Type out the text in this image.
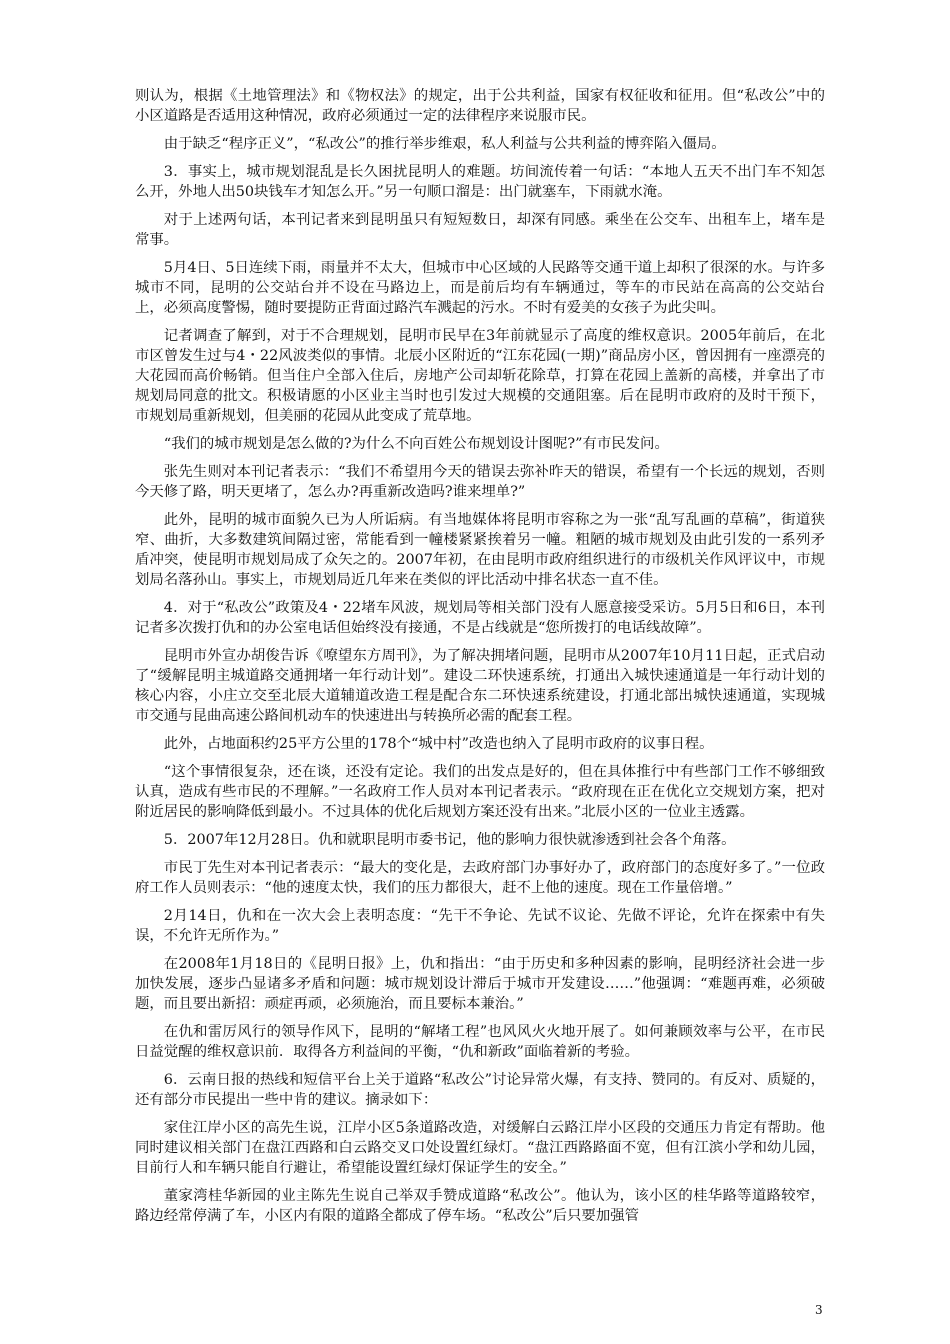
则认为，根据《土地管理法》和《物权法》的规定，出于公共利益，国家有权征收和征用。但“私改公”中的小区道路是否适用这种情况，政府必须通过一定的法律程序来说服市民。

由于缺乏“程序正义”，“私改公”的推行举步维艰，私人利益与公共利益的博弈陷入僵局。

3．事实上，城市规划混乱是长久困扰昆明人的难题。坊间流传着一句话：“本地人五天不出门车不知怎么开，外地人出50块钱车才知怎么开。”另一句顺口溜是：出门就塞车，下雨就水淹。

对于上述两句话，本刊记者来到昆明虽只有短短数日，却深有同感。乘坐在公交车、出租车上，堵车是常事。

5月4日、5日连续下雨，雨量并不太大，但城市中心区域的人民路等交通干道上却积了很深的水。与许多城市不同，昆明的公交站台并不设在马路边上，而是前后均有车辆通过，等车的市民站在高高的公交站台上，必须高度警惕，随时要提防正背面过路汽车溅起的污水。不时有爱美的女孩子为此尖叫。

记者调查了解到，对于不合理规划，昆明市民早在3年前就显示了高度的维权意识。2005年前后，在北市区曾发生过与4・22风波类似的事情。北辰小区附近的“江东花园(一期)”商品房小区，曾因拥有一座漂亮的大花园而高价畅销。但当住户全部入住后，房地产公司却斩花除草，打算在花园上盖新的高楼，并拿出了市规划局同意的批文。积极请愿的小区业主当时也引发过大规模的交通阻塞。后在昆明市政府的及时干预下，市规划局重新规划，但美丽的花园从此变成了荒草地。

“我们的城市规划是怎么做的?为什么不向百姓公布规划设计图呢?”有市民发问。

张先生则对本刊记者表示：“我们不希望用今天的错误去弥补昨天的错误，希望有一个长远的规划，否则今天修了路，明天更堵了，怎么办?再重新改造吗?谁来埋单?”

此外，昆明的城市面貌久已为人所诟病。有当地媒体将昆明市容称之为一张“乱写乱画的草稿”，街道狭窄、曲折，大多数建筑间隔过密，常能看到一幢楼紧紧挨着另一幢。粗陋的城市规划及由此引发的一系列矛盾冲突，使昆明市规划局成了众矢之的。2007年初，在由昆明市政府组织进行的市级机关作风评议中，市规划局名落孙山。事实上，市规划局近几年来在类似的评比活动中排名状态一直不佳。

4．对于“私改公”政策及4・22堵车风波，规划局等相关部门没有人愿意接受采访。5月5日和6日，本刊记者多次拨打仇和的办公室电话但始终没有接通，不是占线就是“您所拨打的电话线故障”。

昆明市外宣办胡俊告诉《嘹望东方周刊》，为了解决拥堵问题，昆明市从2007年10月11日起，正式启动了“缓解昆明主城道路交通拥堵一年行动计划”。建设二环快速系统，打通出入城快速通道是一年行动计划的核心内容，小庄立交至北辰大道辅道改造工程是配合东二环快速系统建设，打通北部出城快速通道，实现城市交通与昆曲高速公路间机动车的快速进出与转换所必需的配套工程。

此外，占地面积约25平方公里的178个“城中村”改造也纳入了昆明市政府的议事日程。

“这个事情很复杂，还在谈，还没有定论。我们的出发点是好的，但在具体推行中有些部门工作不够细致认真，造成有些市民的不理解。”一名政府工作人员对本刊记者表示。“政府现在正在优化立交规划方案，把对附近居民的影响降低到最小。不过具体的优化后规划方案还没有出来。”北辰小区的一位业主透露。

5．2007年12月28日。仇和就职昆明市委书记，他的影响力很快就渗透到社会各个角落。

市民丁先生对本刊记者表示：“最大的变化是，去政府部门办事好办了，政府部门的态度好多了。”一位政府工作人员则表示：“他的速度太快，我们的压力都很大，赶不上他的速度。现在工作量倍增。”

2月14日，仇和在一次大会上表明态度：“先干不争论、先试不议论、先做不评论，允许在探索中有失误，不允许无所作为。”

在2008年1月18日的《昆明日报》上，仇和指出：“由于历史和多种因素的影响，昆明经济社会进一步加快发展，逐步凸显诸多矛盾和问题：城市规划设计滞后于城市开发建设……”他强调：“难题再难，必须破题，而且要出新招：顽症再顽，必须施治，而且要标本兼治。”

在仇和雷厉风行的领导作风下，昆明的“解堵工程”也风风火火地开展了。如何兼顾效率与公平，在市民日益觉醒的维权意识前．取得各方利益间的平衡，“仇和新政”面临着新的考验。

6．云南日报的热线和短信平台上关于道路“私改公”讨论异常火爆，有支持、赞同的。有反对、质疑的，还有部分市民提出一些中肯的建议。摘录如下：

家住江岸小区的高先生说，江岸小区5条道路改造，对缓解白云路江岸小区段的交通压力肯定有帮助。他同时建议相关部门在盘江西路和白云路交叉口处设置红绿灯。“盘江西路路面不宽，但有江滨小学和幼儿园，目前行人和车辆只能自行避让，希望能设置红绿灯保证学生的安全。”

董家湾桂华新园的业主陈先生说自己举双手赞成道路“私改公”。他认为，该小区的桂华路等道路较窄，路边经常停满了车，小区内有限的道路全都成了停车场。“私改公”后只要加强管

3
